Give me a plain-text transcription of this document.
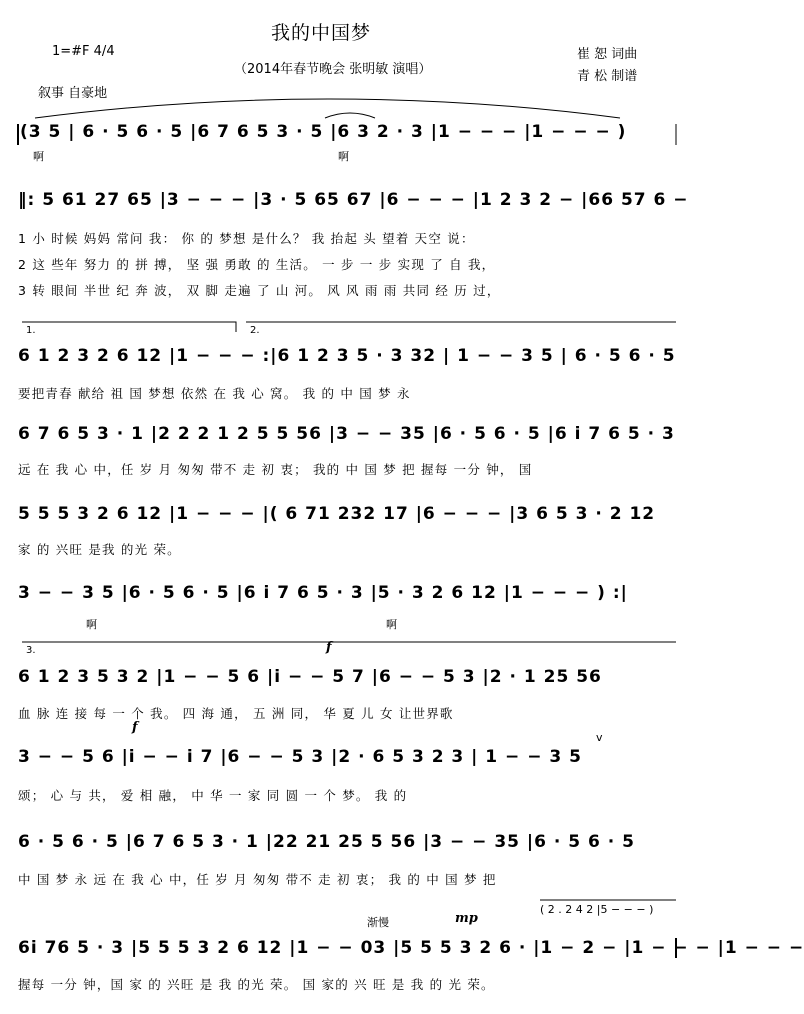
我的中国梦
（2014年春节晚会 张明敏 演唱）
1=#F 4/4	崔 恕 词曲
青 松 制谱
叙事 自豪地
(3 5 | 6 · 5 6 · 5 |6 7 6 5 3 · 5 |6 3 2 · 3 |1 − − − |1 − − − )
啊	啊
‖: 5 61 27 65 |3 − − − |3 · 5 65 67 |6 − − − |1 2 3 2 − |66 57 6 −
1 小 时候 妈妈 常问 我： 你 的 梦想 是什么？ 我 抬起 头 望着 天空 说：
2 这 些年 努力 的 拼 搏， 坚 强 勇敢 的 生活。 一 步 一 步 实现 了 自 我，
3 转 眼间 半世 纪 奔 波， 双 脚 走遍 了 山 河。 风 风 雨 雨 共同 经 历 过，
1.	2.
6 1 2 3 2 6 12 |1 − − − :|6 1 2 3 5 · 3 32 | 1 − − 3 5 | 6 · 5 6 · 5
要把青春 献给 祖 国 梦想 依然 在 我 心 窝。 我 的 中 国 梦 永
6 7 6 5 3 · 1 |2 2 2 1 2 5 5 56 |3 − − 35 |6 · 5 6 · 5 |6 i 7 6 5 · 3
远 在 我 心 中，任 岁 月 匆匆 带不 走 初 衷； 我的 中 国 梦 把 握每 一分 钟， 国
5 5 5 3 2 6 12 |1 − − − |( 6 71 232 17 |6 − − − |3 6 5 3 · 2 12
家 的 兴旺 是我 的光 荣。
3 − − 3 5 |6 · 5 6 · 5 |6 i 7 6 5 · 3 |5 · 3 2 6 12 |1 − − − ) :|
啊	啊
3.	f
6 1 2 3 5 3 2 |1 − − 5 6 |i − − 5 7 |6 − − 5 3 |2 · 1 25 56
血 脉 连 接 每 一 个 我。 四 海 通， 五 洲 同， 华 夏 儿 女 让世界歌
f
v
3 − − 5 6 |i − − i 7 |6 − − 5 3 |2 · 6 5 3 2 3 | 1 − − 3 5
颂； 心 与 共， 爱 相 融， 中 华 一 家 同 圆 一 个 梦。 我 的
6 · 5 6 · 5 |6 7 6 5 3 · 1 |22 21 25 5 56 |3 − − 35 |6 · 5 6 · 5
中 国 梦 永 远 在 我 心 中，任 岁 月 匆匆 带不 走 初 衷； 我 的 中 国 梦 把
( 2 . 2 4 2 |5 − − − )
渐慢	mp
6i 76 5 · 3 |5 5 5 3 2 6 12 |1 − − 03 |5 5 5 3 2 6 · |1 − 2 − |1 − − − |1 − − −
握每 一分 钟，国 家 的 兴旺 是 我 的光 荣。 国 家的 兴 旺 是 我 的 光 荣。
